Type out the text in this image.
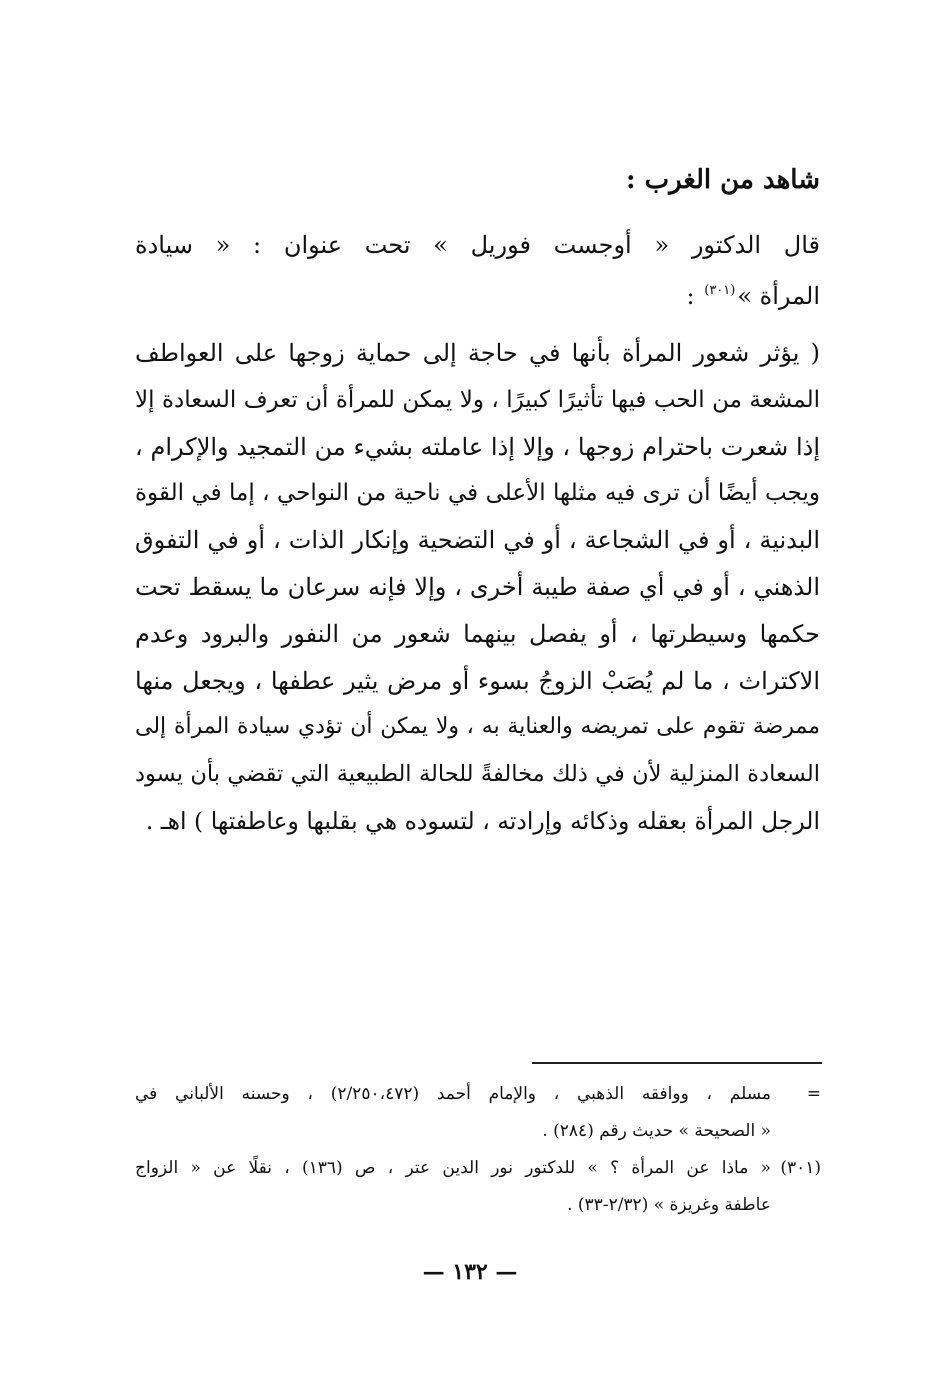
شاهد من الغرب :
قال الدكتور « أوجست فوريل » تحت عنوان : « سيادة
المرأة »$^{(٣٠١)}$ :
( يؤثر شعور المرأة بأنها في حاجة إلى حماية زوجها على العواطف
المشعة من الحب فيها تأثيرًا كبيرًا ، ولا يمكن للمرأة أن تعرف السعادة إلا
إذا شعرت باحترام زوجها ، وإلا إذا عاملته بشيء من التمجيد والإكرام ،
ويجب أيضًا أن ترى فيه مثلها الأعلى في ناحية من النواحي ، إما في القوة
البدنية ، أو في الشجاعة ، أو في التضحية وإنكار الذات ، أو في التفوق
الذهني ، أو في أي صفة طيبة أخرى ، وإلا فإنه سرعان ما يسقط تحت
حكمها وسيطرتها ، أو يفصل بينهما شعور من النفور والبرود وعدم
الاكتراث ، ما لم يُصَبْ الزوجُ بسوء أو مرض يثير عطفها ، ويجعل منها
ممرضة تقوم على تمريضه والعناية به ، ولا يمكن أن تؤدي سيادة المرأة إلى
السعادة المنزلية لأن في ذلك مخالفةً للحالة الطبيعية التي تقضي بأن يسود
الرجل المرأة بعقله وذكائه وإرادته ، لتسوده هي بقلبها وعاطفتها ) اهـ .
=
مسلم ، ووافقه الذهبي ، والإمام أحمد (٢/٢٥٠،٤٧٢) ، وحسنه الألباني في
« الصحيحة » حديث رقم (٢٨٤) .
(٣٠١)
« ماذا عن المرأة ؟ » للدكتور نور الدين عتر ، ص (١٣٦) ، نقلًا عن « الزواج
عاطفة وغريزة » (٢/٣٢-٣٣) .
— ١٣٢ —
